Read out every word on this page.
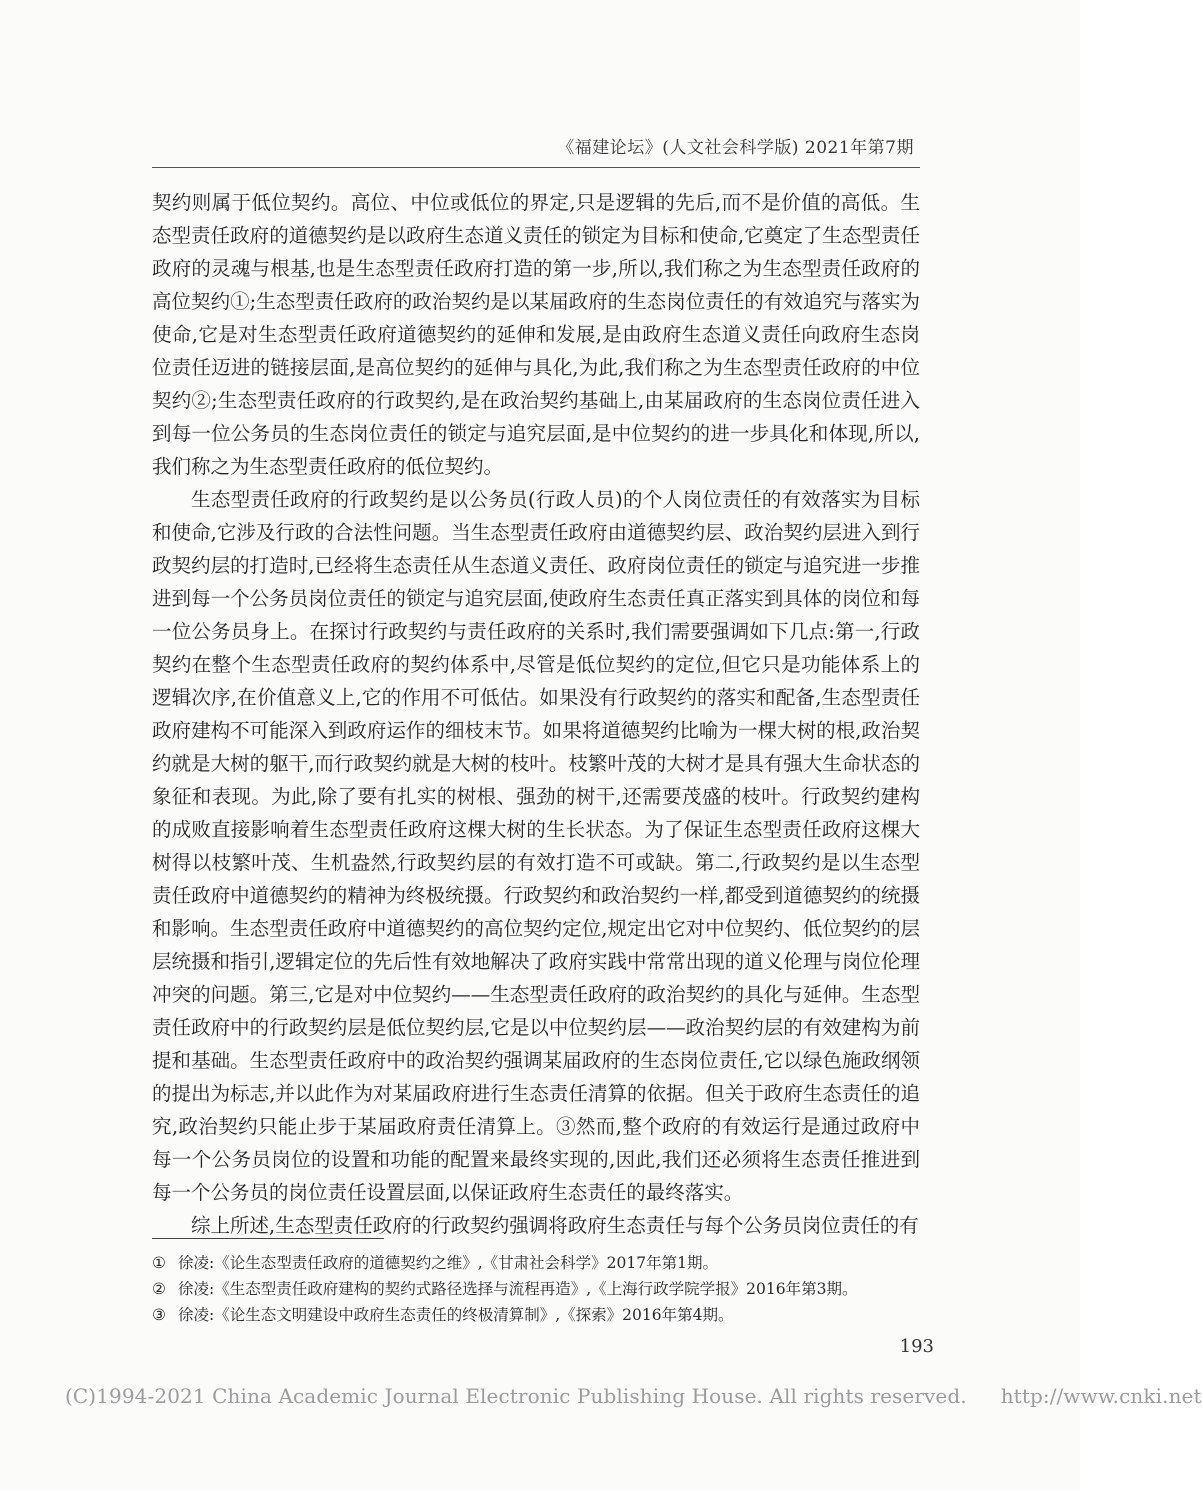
《福建论坛》(人文社会科学版) 2021年第7期

契约则属于低位契约。高位、中位或低位的界定,只是逻辑的先后,而不是价值的高低。生态型责任政府的道德契约是以政府生态道义责任的锁定为目标和使命,它奠定了生态型责任政府的灵魂与根基,也是生态型责任政府打造的第一步,所以,我们称之为生态型责任政府的高位契约①;生态型责任政府的政治契约是以某届政府的生态岗位责任的有效追究与落实为使命,它是对生态型责任政府道德契约的延伸和发展,是由政府生态道义责任向政府生态岗位责任迈进的链接层面,是高位契约的延伸与具化,为此,我们称之为生态型责任政府的中位契约②;生态型责任政府的行政契约,是在政治契约基础上,由某届政府的生态岗位责任进入到每一位公务员的生态岗位责任的锁定与追究层面,是中位契约的进一步具化和体现,所以,我们称之为生态型责任政府的低位契约。

生态型责任政府的行政契约是以公务员(行政人员)的个人岗位责任的有效落实为目标和使命,它涉及行政的合法性问题。当生态型责任政府由道德契约层、政治契约层进入到行政契约层的打造时,已经将生态责任从生态道义责任、政府岗位责任的锁定与追究进一步推进到每一个公务员岗位责任的锁定与追究层面,使政府生态责任真正落实到具体的岗位和每一位公务员身上。在探讨行政契约与责任政府的关系时,我们需要强调如下几点:第一,行政契约在整个生态型责任政府的契约体系中,尽管是低位契约的定位,但它只是功能体系上的逻辑次序,在价值意义上,它的作用不可低估。如果没有行政契约的落实和配备,生态型责任政府建构不可能深入到政府运作的细枝末节。如果将道德契约比喻为一棵大树的根,政治契约就是大树的躯干,而行政契约就是大树的枝叶。枝繁叶茂的大树才是具有强大生命状态的象征和表现。为此,除了要有扎实的树根、强劲的树干,还需要茂盛的枝叶。行政契约建构的成败直接影响着生态型责任政府这棵大树的生长状态。为了保证生态型责任政府这棵大树得以枝繁叶茂、生机盎然,行政契约层的有效打造不可或缺。第二,行政契约是以生态型责任政府中道德契约的精神为终极统摄。行政契约和政治契约一样,都受到道德契约的统摄和影响。生态型责任政府中道德契约的高位契约定位,规定出它对中位契约、低位契约的层层统摄和指引,逻辑定位的先后性有效地解决了政府实践中常常出现的道义伦理与岗位伦理冲突的问题。第三,它是对中位契约——生态型责任政府的政治契约的具化与延伸。生态型责任政府中的行政契约层是低位契约层,它是以中位契约层——政治契约层的有效建构为前提和基础。生态型责任政府中的政治契约强调某届政府的生态岗位责任,它以绿色施政纲领的提出为标志,并以此作为对某届政府进行生态责任清算的依据。但关于政府生态责任的追究,政治契约只能止步于某届政府责任清算上。③然而,整个政府的有效运行是通过政府中每一个公务员岗位的设置和功能的配置来最终实现的,因此,我们还必须将生态责任推进到每一个公务员的岗位责任设置层面,以保证政府生态责任的最终落实。

综上所述,生态型责任政府的行政契约强调将政府生态责任与每个公务员岗位责任的有

① 徐凌:《论生态型责任政府的道德契约之维》,《甘肃社会科学》2017年第1期。
② 徐凌:《生态型责任政府建构的契约式路径选择与流程再造》,《上海行政学院学报》2016年第3期。
③ 徐凌:《论生态文明建设中政府生态责任的终极清算制》,《探索》2016年第4期。
193
(C)1994-2021 China Academic Journal Electronic Publishing House. All rights reserved. http://www.cnki.net
